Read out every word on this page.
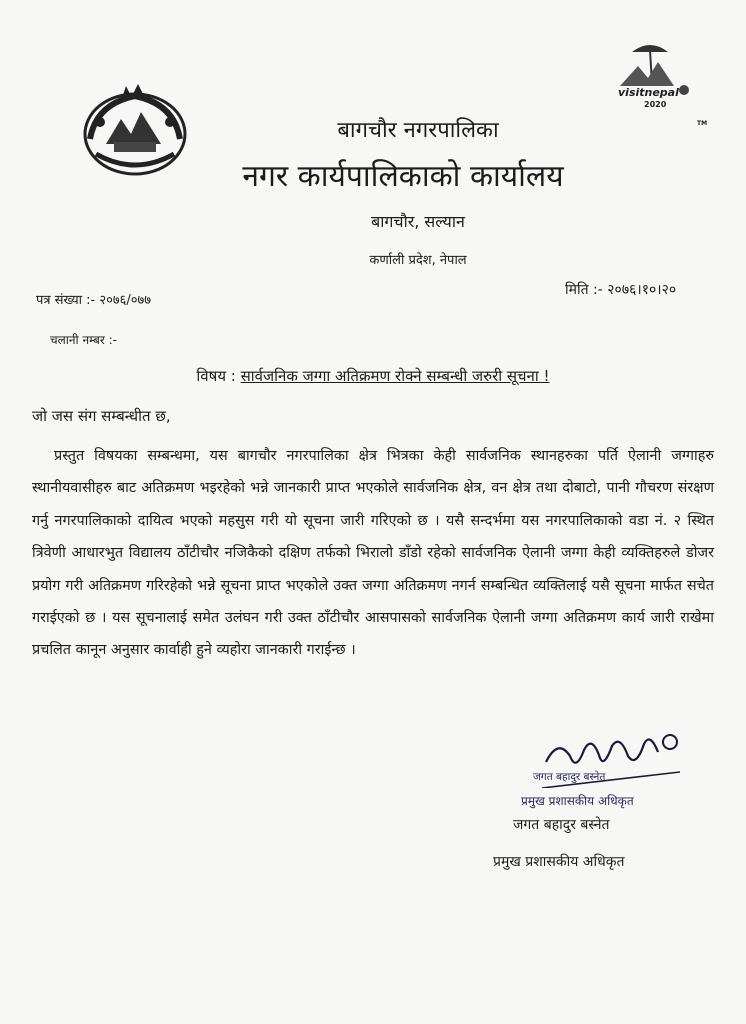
visitnepal
2020
TM
बागचौर नगरपालिका
नगर कार्यपालिकाको कार्यालय
बागचौर, सल्यान
कर्णाली प्रदेश, नेपाल
पत्र संख्या :- २०७६/०७७
मिति :- २०७६।१०।२०
चलानी नम्बर :-
विषय : सार्वजनिक जग्गा अतिक्रमण रोक्ने सम्बन्धी जरुरी सूचना !
जो जस संग सम्बन्धीत छ,

प्रस्तुत विषयका सम्बन्धमा, यस बागचौर नगरपालिका क्षेत्र भित्रका केही सार्वजनिक स्थानहरुका पर्ति ऐलानी जग्गाहरु स्थानीयवासीहरु बाट अतिक्रमण भइरहेको भन्ने जानकारी प्राप्त भएकोले सार्वजनिक क्षेत्र, वन क्षेत्र तथा दोबाटो, पानी गौचरण संरक्षण गर्नु नगरपालिकाको दायित्व भएको महसुस गरी यो सूचना जारी गरिएको छ । यसै सन्दर्भमा यस नगरपालिकाको वडा नं. २ स्थित त्रिवेणी आधारभुत विद्यालय ठाँटीचौर नजिकैको दक्षिण तर्फको भिरालो डाँडो रहेको सार्वजनिक ऐलानी जग्गा केही व्यक्तिहरुले डोजर प्रयोग गरी अतिक्रमण गरिरहेको भन्ने सूचना प्राप्त भएकोले उक्त जग्गा अतिक्रमण नगर्न सम्बन्धित व्यक्तिलाई यसै सूचना मार्फत सचेत गराईएको छ । यस सूचनालाई समेत उलंघन गरी उक्त ठाँटीचौर आसपासको सार्वजनिक ऐलानी जग्गा अतिक्रमण कार्य जारी राखेमा प्रचलित कानून अनुसार कार्वाही हुने व्यहोरा जानकारी गराईन्छ ।

जगत बहादुर बस्नेत
प्रमुख प्रशासकीय अधिकृत
जगत बहादुर बस्नेत
प्रमुख प्रशासकीय अधिकृत
